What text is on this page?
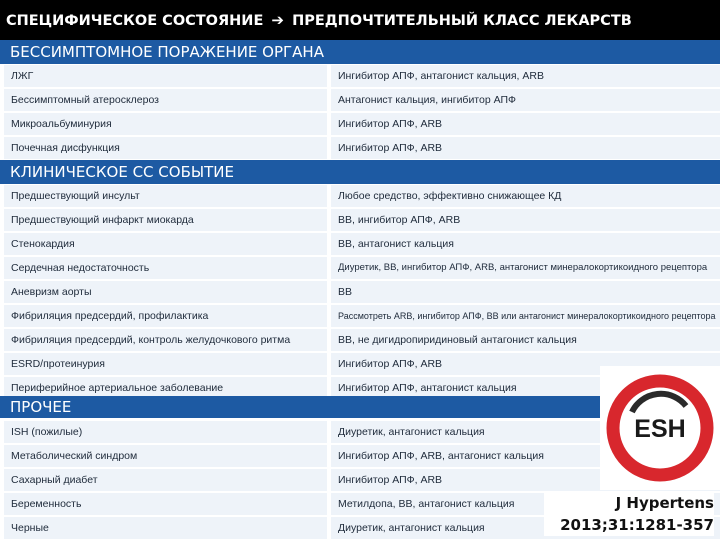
СПЕЦИФИЧЕСКОЕ СОСТОЯНИЕ ➔ ПРЕДПОЧТИТЕЛЬНЫЙ КЛАСС ЛЕКАРСТВ
БЕССИМПТОМНОЕ ПОРАЖЕНИЕ ОРГАНА
ЛЖГ	Ингибитор АПФ, антагонист кальция, ARB
Бессимптомный атеросклероз	Антагонист кальция, ингибитор АПФ
Микроальбуминурия	Ингибитор АПФ, ARB
Почечная дисфункция	Ингибитор АПФ, ARB
КЛИНИЧЕСКОЕ СС СОБЫТИЕ
Предшествующий инсульт	Любое средство, эффективно снижающее КД
Предшествующий инфаркт миокарда	BB, ингибитор АПФ, ARB
Стенокардия	BB, антагонист кальция
Сердечная недостаточность	Диуретик, BB, ингибитор АПФ, ARB, антагонист минералокортикоидного рецептора
Аневризм аорты	BB
Фибриляция предсердий, профилактика	Рассмотреть ARB, ингибитор АПФ, BB или антагонист минералокортикоидного рецептора
Фибриляция предсердий, контроль желудочкового ритма	BB, не дигидропиридиновый антагонист кальция
ESRD/протеинурия	Ингибитор АПФ, ARB
Периферийное артериальное заболевание	Ингибитор АПФ, антагонист кальция
ПРОЧЕЕ
ISH (пожилые)	Диуретик, антагонист кальция
Метаболический синдром	Ингибитор АПФ, ARB, антагонист кальция
Сахарный диабет	Ингибитор АПФ, ARB
Беременность	Метилдопа, BB, антагонист кальция
Черные	Диуретик, антагонист кальция
ESH
J Hypertens
2013;31:1281-357
